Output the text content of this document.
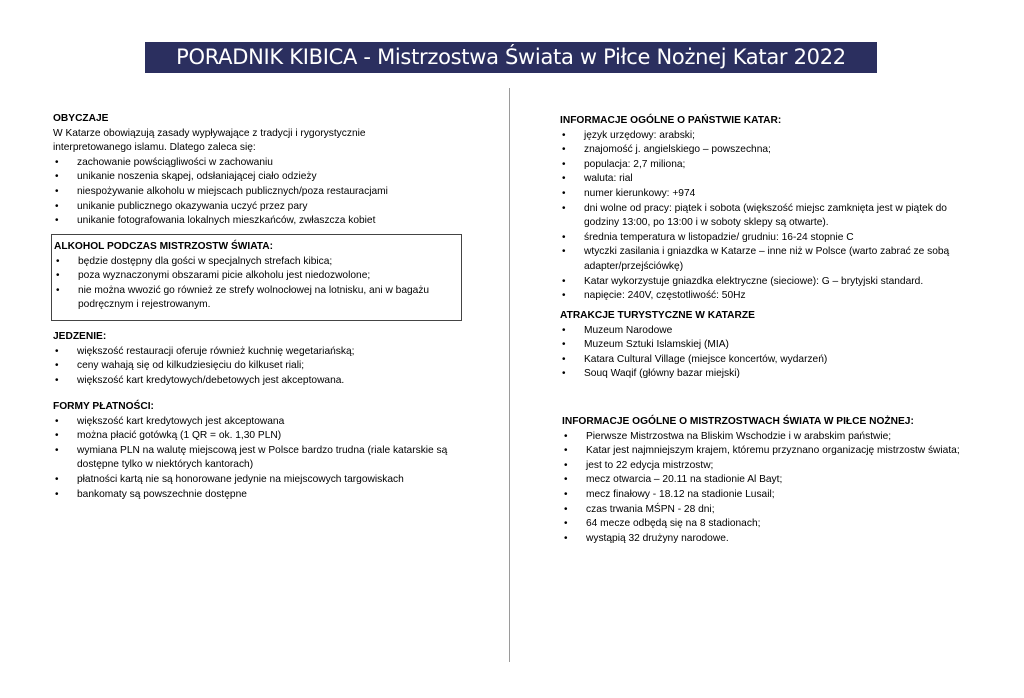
PORADNIK KIBICA - Mistrzostwa Świata w Piłce Nożnej Katar 2022
OBYCZAJE
W Katarze obowiązują zasady wypływające z tradycji i rygorystycznie
interpretowanego islamu. Dlatego zaleca się:
• zachowanie powściągliwości w zachowaniu
• unikanie noszenia skąpej, odsłaniającej ciało odzieży
• niespożywanie alkoholu w miejscach publicznych/poza restauracjami
• unikanie publicznego okazywania uczyć przez pary
• unikanie fotografowania lokalnych mieszkańców, zwłaszcza kobiet
ALKOHOL PODCZAS MISTRZOSTW ŚWIATA:
• będzie dostępny dla gości w specjalnych strefach kibica;
• poza wyznaczonymi obszarami picie alkoholu jest niedozwolone;
• nie można wwozić go również ze strefy wolnocłowej na lotnisku, ani w bagażu podręcznym i rejestrowanym.
JEDZENIE:
• większość restauracji oferuje również kuchnię wegetariańską;
• ceny wahają się od kilkudziesięciu do kilkuset riali;
• większość kart kredytowych/debetowych jest akceptowana.
FORMY PŁATNOŚCI:
• większość kart kredytowych jest akceptowana
• można płacić gotówką (1 QR = ok. 1,30 PLN)
• wymiana PLN na walutę miejscową jest w Polsce bardzo trudna (riale katarskie są dostępne tylko w niektórych kantorach)
• płatności kartą nie są honorowane jedynie na miejscowych targowiskach
• bankomaty są powszechnie dostępne
INFORMACJE OGÓLNE O PAŃSTWIE KATAR:
• język urzędowy: arabski;
• znajomość j. angielskiego – powszechna;
• populacja: 2,7 miliona;
• waluta: rial
• numer kierunkowy: +974
• dni wolne od pracy: piątek i sobota (większość miejsc zamknięta jest w piątek do godziny 13:00, po 13:00 i w soboty sklepy są otwarte).
• średnia temperatura w listopadzie/ grudniu: 16-24 stopnie C
• wtyczki zasilania i gniazdka w Katarze – inne niż w Polsce (warto zabrać ze sobą adapter/przejściówkę)
• Katar wykorzystuje gniazdka elektryczne (sieciowe): G – brytyjski standard.
• napięcie: 240V, częstotliwość: 50Hz
ATRAKCJE TURYSTYCZNE W KATARZE
• Muzeum Narodowe
• Muzeum Sztuki Islamskiej (MIA)
• Katara Cultural Village (miejsce koncertów, wydarzeń)
• Souq Waqif (główny bazar miejski)
INFORMACJE OGÓLNE O MISTRZOSTWACH ŚWIATA W PIŁCE NOŻNEJ:
• Pierwsze Mistrzostwa na Bliskim Wschodzie i w arabskim państwie;
• Katar jest najmniejszym krajem, któremu przyznano organizację mistrzostw świata;
• jest to 22 edycja mistrzostw;
• mecz otwarcia – 20.11 na stadionie Al Bayt;
• mecz finałowy - 18.12 na stadionie Lusail;
• czas trwania MŚPN - 28 dni;
• 64 mecze odbędą się na 8 stadionach;
• wystąpią 32 drużyny narodowe.
